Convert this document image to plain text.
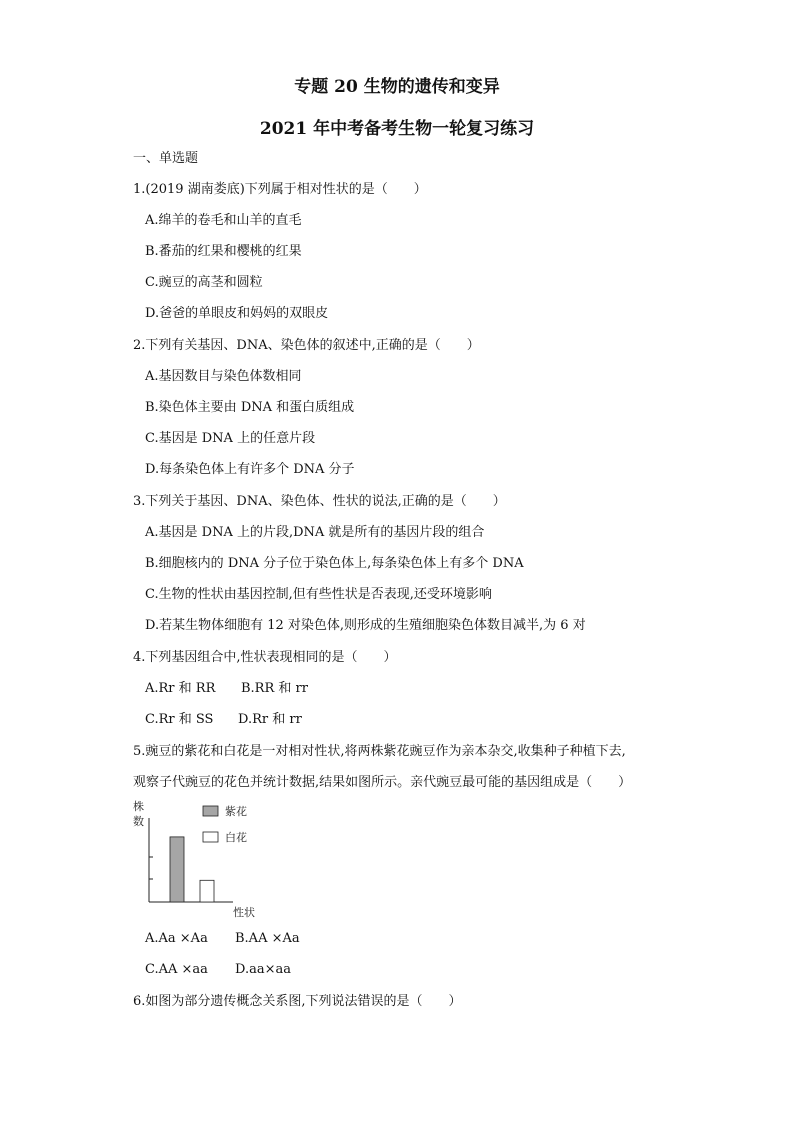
专题 20 生物的遗传和变异
2021 年中考备考生物一轮复习练习
一、单选题
1.(2019 湖南娄底)下列属于相对性状的是（　　）
A.绵羊的卷毛和山羊的直毛
B.番茄的红果和樱桃的红果
C.豌豆的高茎和圆粒
D.爸爸的单眼皮和妈妈的双眼皮
2.下列有关基因、DNA、染色体的叙述中,正确的是（　　）
A.基因数目与染色体数相同
B.染色体主要由 DNA 和蛋白质组成
C.基因是 DNA 上的任意片段
D.每条染色体上有许多个 DNA 分子
3.下列关于基因、DNA、染色体、性状的说法,正确的是（　　）
A.基因是 DNA 上的片段,DNA 就是所有的基因片段的组合
B.细胞核内的 DNA 分子位于染色体上,每条染色体上有多个 DNA
C.生物的性状由基因控制,但有些性状是否表现,还受环境影响
D.若某生物体细胞有 12 对染色体,则形成的生殖细胞染色体数目减半,为 6 对
4.下列基因组合中,性状表现相同的是（　　）
A.Rr 和 RR B.RR 和 rr
C.Rr 和 SS D.Rr 和 rr
5.豌豆的紫花和白花是一对相对性状,将两株紫花豌豆作为亲本杂交,收集种子种植下去,
观察子代豌豆的花色并统计数据,结果如图所示。亲代豌豆最可能的基因组成是（　　）
株
数
紫花
白花
性状
A.Aa ×Aa B.AA ×Aa
C.AA ×aa D.aa×aa
6.如图为部分遗传概念关系图,下列说法错误的是（　　）
